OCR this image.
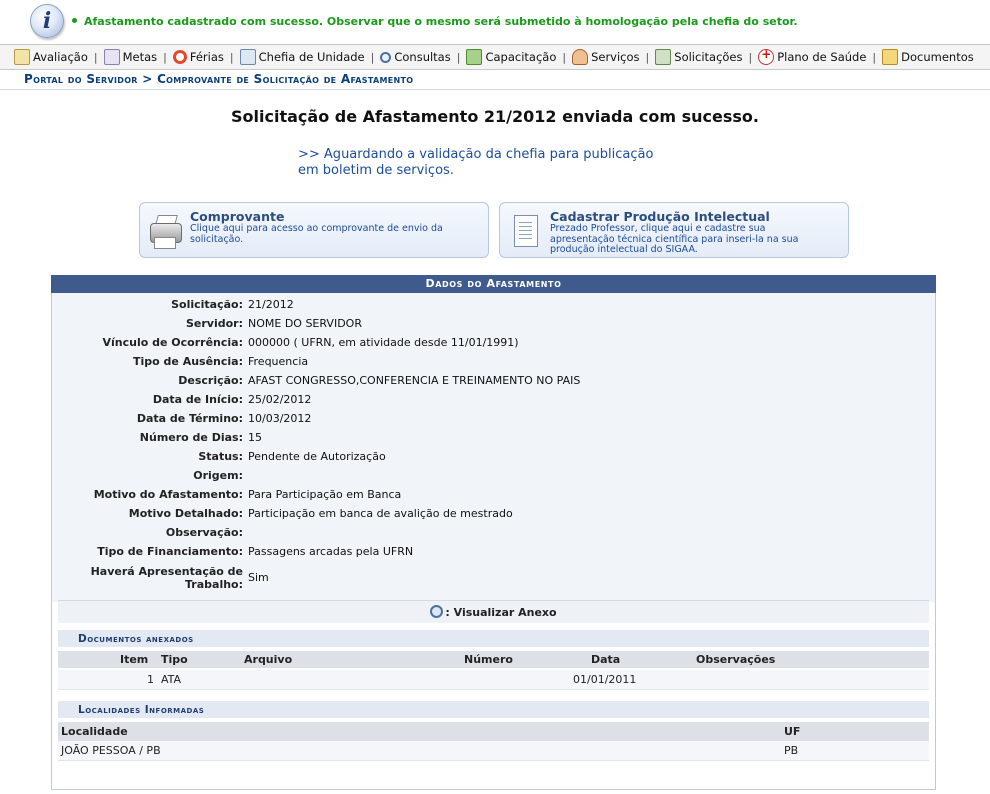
i	Afastamento cadastrado com sucesso. Observar que o mesmo será submetido à homologação pela chefia do setor.
Avaliação | Metas | Férias | Chefia de Unidade | Consultas | Capacitação | Serviços | Solicitações |
+ Plano de Saúde | Documentos
Portal do Servidor > Comprovante de Solicitação de Afastamento
Solicitação de Afastamento 21/2012 enviada com sucesso.
>> Aguardando a validação da chefia para publicação
em boletim de serviços.
Comprovante
Clique aqui para acesso ao comprovante de envio da
solicitação.
Cadastrar Produção Intelectual
Prezado Professor, clique aqui e cadastre sua
apresentação técnica científica para inseri-la na sua
produção intelectual do SIGAA.
Dados do Afastamento
Solicitação: 21/2012
Servidor: NOME DO SERVIDOR
Vínculo de Ocorrência: 000000 ( UFRN, em atividade desde 11/01/1991)
Tipo de Ausência: Frequencia
Descrição: AFAST CONGRESSO,CONFERENCIA E TREINAMENTO NO PAIS
Data de Início: 25/02/2012
Data de Término: 10/03/2012
Número de Dias: 15
Status: Pendente de Autorização
Origem:
Motivo do Afastamento: Para Participação em Banca
Motivo Detalhado: Participação em banca de avalição de mestrado
Observação:
Tipo de Financiamento: Passagens arcadas pela UFRN
Haverá Apresentação de
Trabalho:
Sim
: Visualizar Anexo
Documentos anexados
Item Tipo	Arquivo	Número	Data	Observações
1 ATA	01/01/2011
Localidades Informadas
Localidade	UF
JOÃO PESSOA / PB	PB
